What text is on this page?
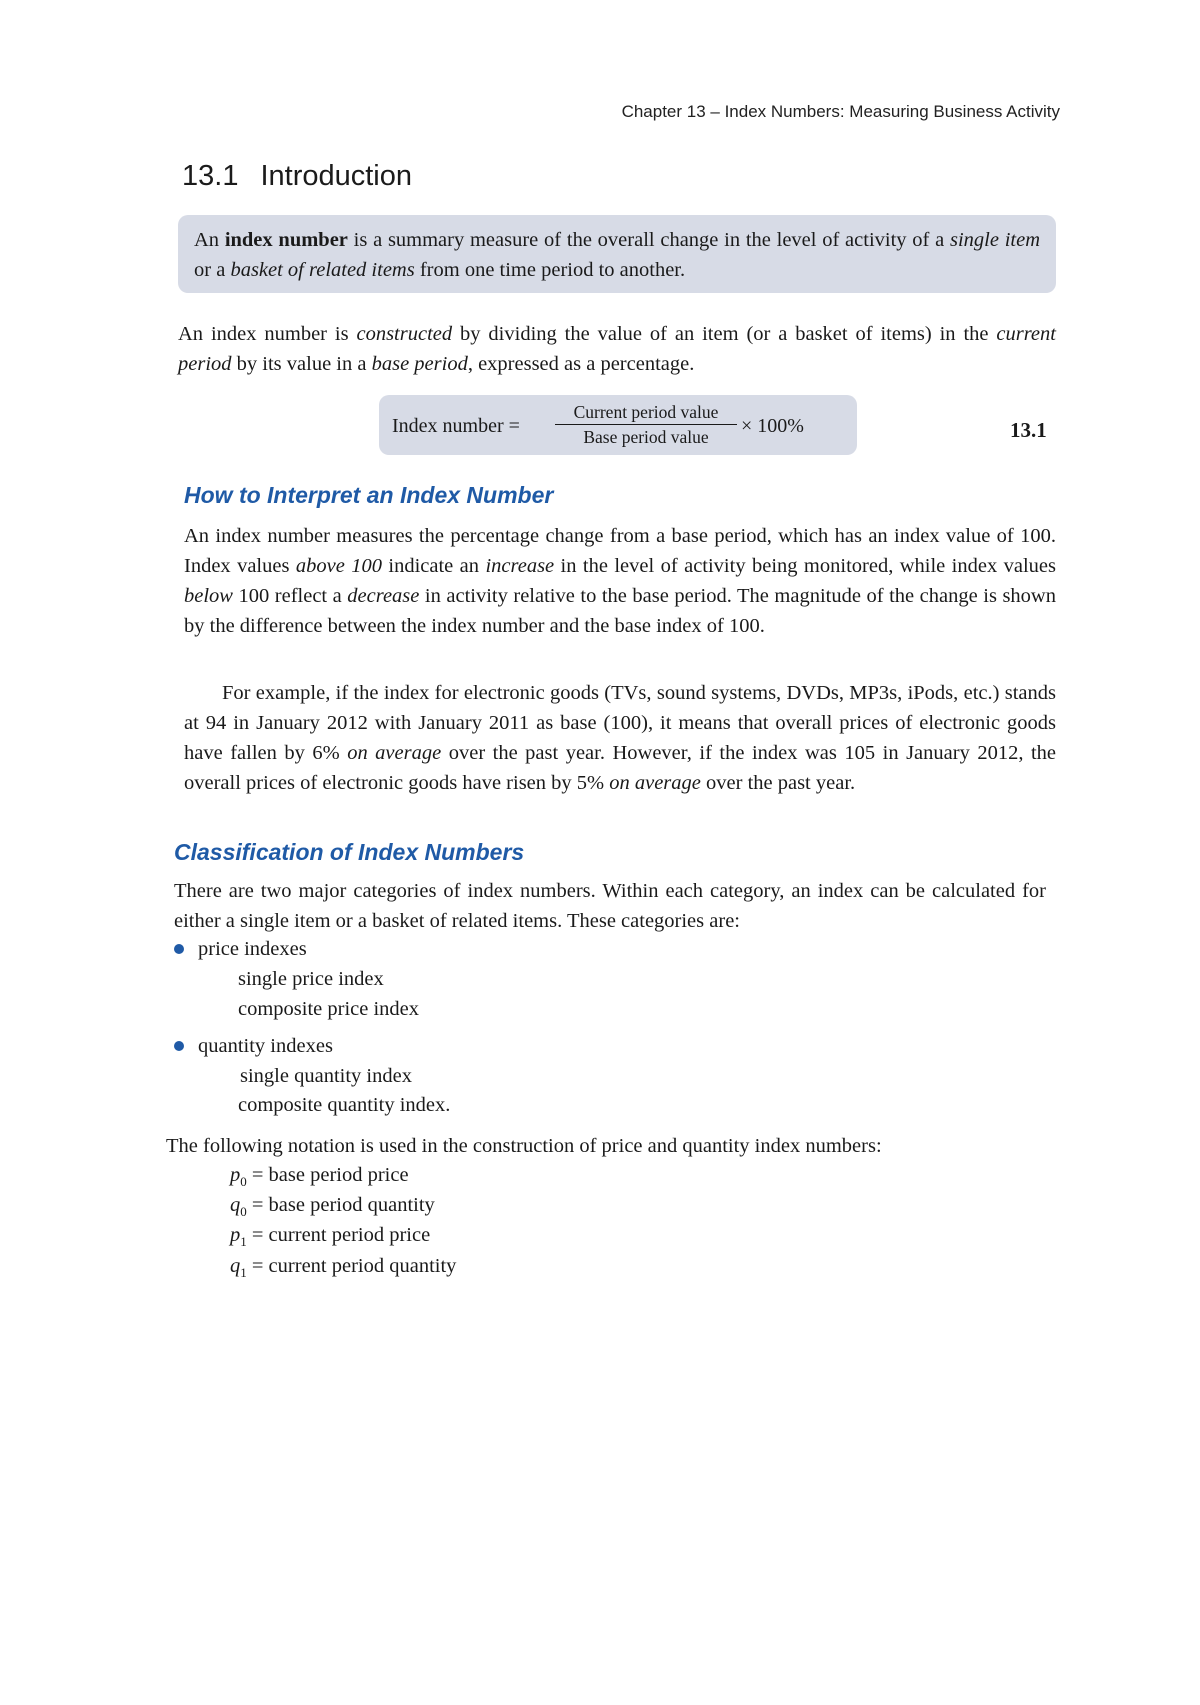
Chapter 13 – Index Numbers: Measuring Business Activity
13.1 Introduction
An index number is a summary measure of the overall change in the level of activity of a single item or a basket of related items from one time period to another.
An index number is constructed by dividing the value of an item (or a basket of items) in the current period by its value in a base period, expressed as a percentage.
Index number =
Current period value
Base period value	× 100%	13.1
How to Interpret an Index Number
An index number measures the percentage change from a base period, which has an index value of 100. Index values above 100 indicate an increase in the level of activity being monitored, while index values below 100 reflect a decrease in activity relative to the base period. The magnitude of the change is shown by the difference between the index number and the base index of 100.
For example, if the index for electronic goods (TVs, sound systems, DVDs, MP3s, iPods, etc.) stands at 94 in January 2012 with January 2011 as base (100), it means that overall prices of electronic goods have fallen by 6% on average over the past year. However, if the index was 105 in January 2012, the overall prices of electronic goods have risen by 5% on average over the past year.
Classification of Index Numbers
There are two major categories of index numbers. Within each category, an index can be calculated for either a single item or a basket of related items. These categories are:
price indexes
single price index
composite price index
quantity indexes
single quantity index
composite quantity index.
The following notation is used in the construction of price and quantity index numbers:
$p_0$ = base period price
$q_0$ = base period quantity
$p_1$ = current period price
$q_1$ = current period quantity
